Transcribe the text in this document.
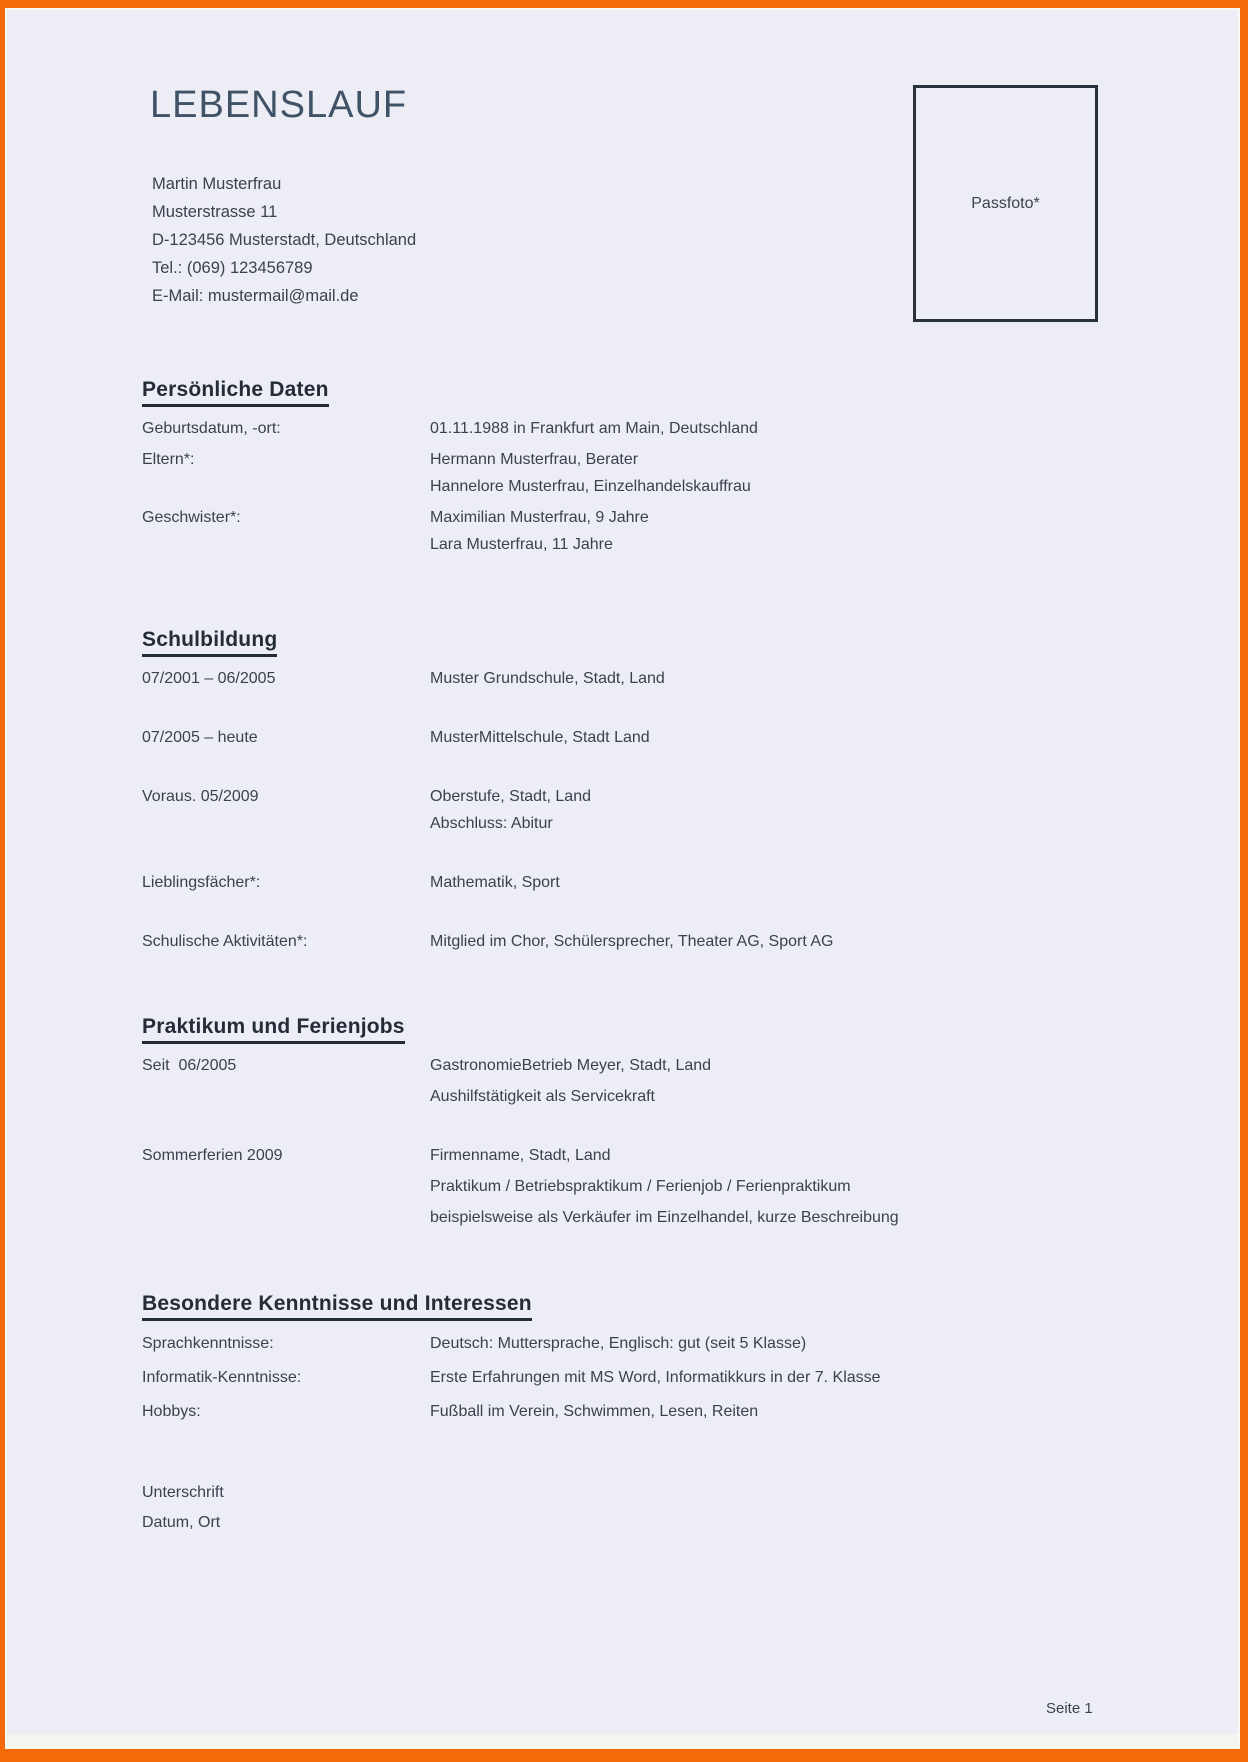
LEBENSLAUF
Martin Musterfrau
Musterstrasse 11
D-123456 Musterstadt, Deutschland
Tel.: (069) 123456789
E-Mail: mustermail@mail.de
Passfoto*
Persönliche Daten
Geburtsdatum, -ort:	01.11.1988 in Frankfurt am Main, Deutschland
Eltern*:	Hermann Musterfrau, Berater
Hannelore Musterfrau, Einzelhandelskauffrau
Geschwister*:	Maximilian Musterfrau, 9 Jahre
Lara Musterfrau, 11 Jahre
Schulbildung
07/2001 – 06/2005	Muster Grundschule, Stadt, Land
07/2005 – heute	MusterMittelschule, Stadt Land
Voraus. 05/2009	Oberstufe, Stadt, Land
Abschluss: Abitur
Lieblingsfächer*:	Mathematik, Sport
Schulische Aktivitäten*:	Mitglied im Chor, Schülersprecher, Theater AG, Sport AG
Praktikum und Ferienjobs
Seit  06/2005	GastronomieBetrieb Meyer, Stadt, Land
Aushilfstätigkeit als Servicekraft
Sommerferien 2009	Firmenname, Stadt, Land
Praktikum / Betriebspraktikum / Ferienjob / Ferienpraktikum
beispielsweise als Verkäufer im Einzelhandel, kurze Beschreibung
Besondere Kenntnisse und Interessen
Sprachkenntnisse:	Deutsch: Muttersprache, Englisch: gut (seit 5 Klasse)
Informatik-Kenntnisse:	Erste Erfahrungen mit MS Word, Informatikkurs in der 7. Klasse
Hobbys:	Fußball im Verein, Schwimmen, Lesen, Reiten
Unterschrift
Datum, Ort
Seite 1
